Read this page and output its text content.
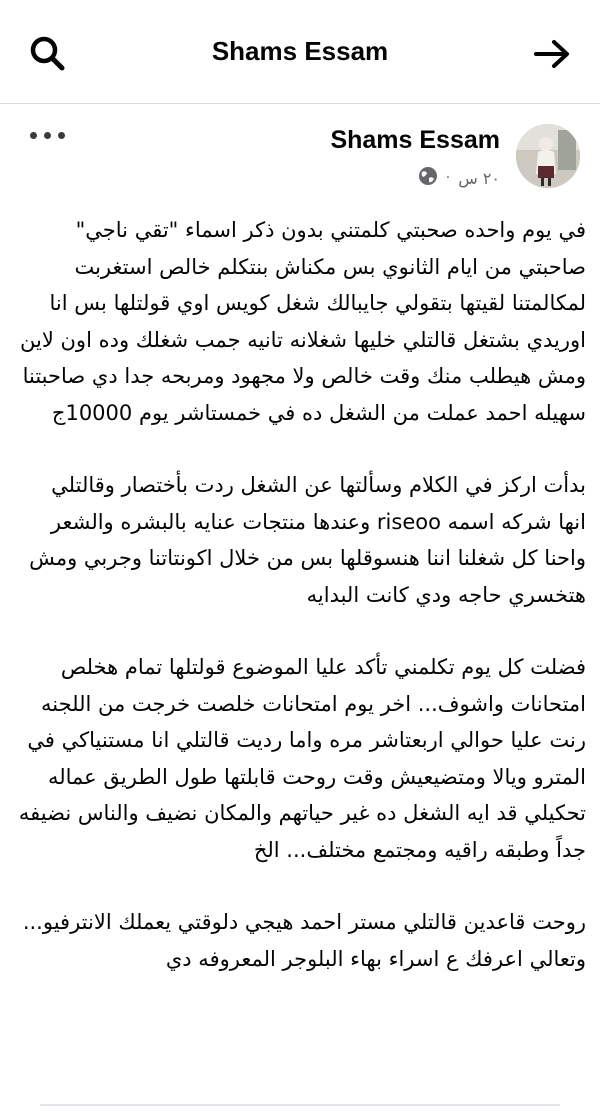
Shams Essam
Shams Essam
· ٢٠ س

في يوم واحده صحبتي كلمتني بدون ذكر اسماء "تقي ناجي" صاحبتي من ايام الثانوي بس مكناش بنتكلم خالص استغربت لمكالمتنا لقيتها بتقولي جايبالك شغل كويس اوي قولتلها بس انا اوريدي بشتغل قالتلي خليها شغلانه تانيه جمب شغلك وده اون لاين ومش هيطلب منك وقت خالص ولا مجهود ومربحه جدا دي صاحبتنا سهيله احمد عملت من الشغل ده في خمستاشر يوم 10000ج

بدأت اركز في الكلام وسألتها عن الشغل ردت بأختصار وقالتلي انها شركه اسمه riseoo وعندها منتجات عنايه بالبشره والشعر واحنا كل شغلنا اننا هنسوقلها بس من خلال اكونتاتنا وجربي ومش هتخسري حاجه ودي كانت البدايه

فضلت كل يوم تكلمني تأكد عليا الموضوع قولتلها تمام هخلص امتحانات واشوف... اخر يوم امتحانات خلصت خرجت من اللجنه رنت عليا حوالي اربعتاشر مره واما رديت قالتلي انا مستنياكي في المترو ويالا ومتضيعيش وقت روحت قابلتها طول الطريق عماله تحكيلي قد ايه الشغل ده غير حياتهم والمكان نضيف والناس نضيفه جداً وطبقه راقيه ومجتمع مختلف... الخ

روحت قاعدين قالتلي مستر احمد هيجي دلوقتي يعملك الانترفيو... وتعالي اعرفك ع اسراء بهاء البلوجر المعروفه دي
